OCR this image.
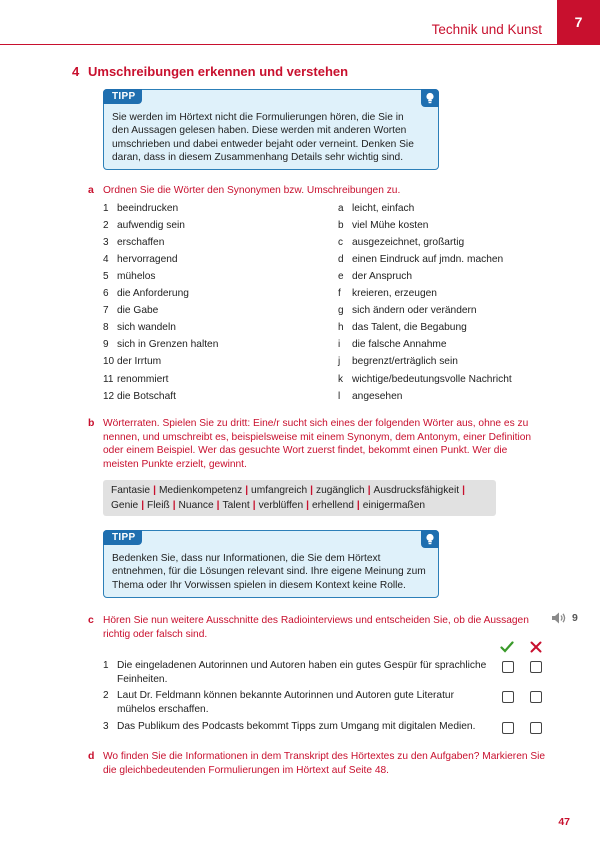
Technik und Kunst	7
4 Umschreibungen erkennen und verstehen
TIPP
Sie werden im Hörtext nicht die Formulierungen hören, die Sie in
den Aussagen gelesen haben. Diese werden mit anderen Worten
umschrieben und dabei entweder bejaht oder verneint. Denken Sie
daran, dass in diesem Zusammenhang Details sehr wichtig sind.
a Ordnen Sie die Wörter den Synonymen bzw. Umschreibungen zu.
1 beeindrucken
2 aufwendig sein
3 erschaffen
4 hervorragend
5 mühelos
6 die Anforderung
7 die Gabe
8 sich wandeln
9 sich in Grenzen halten
10 der Irrtum
11 renommiert
12 die Botschaft
a leicht, einfach
b viel Mühe kosten
c ausgezeichnet, großartig
d einen Eindruck auf jmdn. machen
e der Anspruch
f kreieren, erzeugen
g sich ändern oder verändern
h das Talent, die Begabung
i die falsche Annahme
j begrenzt/erträglich sein
k wichtige/bedeutungsvolle Nachricht
l angesehen
b Wörterraten. Spielen Sie zu dritt: Eine/r sucht sich eines der folgenden Wörter aus, ohne es zu
nennen, und umschreibt es, beispielsweise mit einem Synonym, dem Antonym, einer Definition
oder einem Beispiel. Wer das gesuchte Wort zuerst findet, bekommt einen Punkt. Wer die
meisten Punkte erzielt, gewinnt.
Fantasie | Medienkompetenz | umfangreich | zugänglich | Ausdrucksfähigkeit |
Genie | Fleiß | Nuance | Talent | verblüffen | erhellend | einigermaßen
TIPP
Bedenken Sie, dass nur Informationen, die Sie dem Hörtext
entnehmen, für die Lösungen relevant sind. Ihre eigene Meinung zum
Thema oder Ihr Vorwissen spielen in diesem Kontext keine Rolle.
c Hören Sie nun weitere Ausschnitte des Radiointerviews und entscheiden Sie, ob die Aussagen
richtig oder falsch sind.
9
1 Die eingeladenen Autorinnen und Autoren haben ein gutes Gespür für sprachliche
Feinheiten.
2 Laut Dr. Feldmann können bekannte Autorinnen und Autoren gute Literatur
mühelos erschaffen.
3 Das Publikum des Podcasts bekommt Tipps zum Umgang mit digitalen Medien.
d Wo finden Sie die Informationen in dem Transkript des Hörtextes zu den Aufgaben? Markieren Sie
die gleichbedeutenden Formulierungen im Hörtext auf Seite 48.
47
